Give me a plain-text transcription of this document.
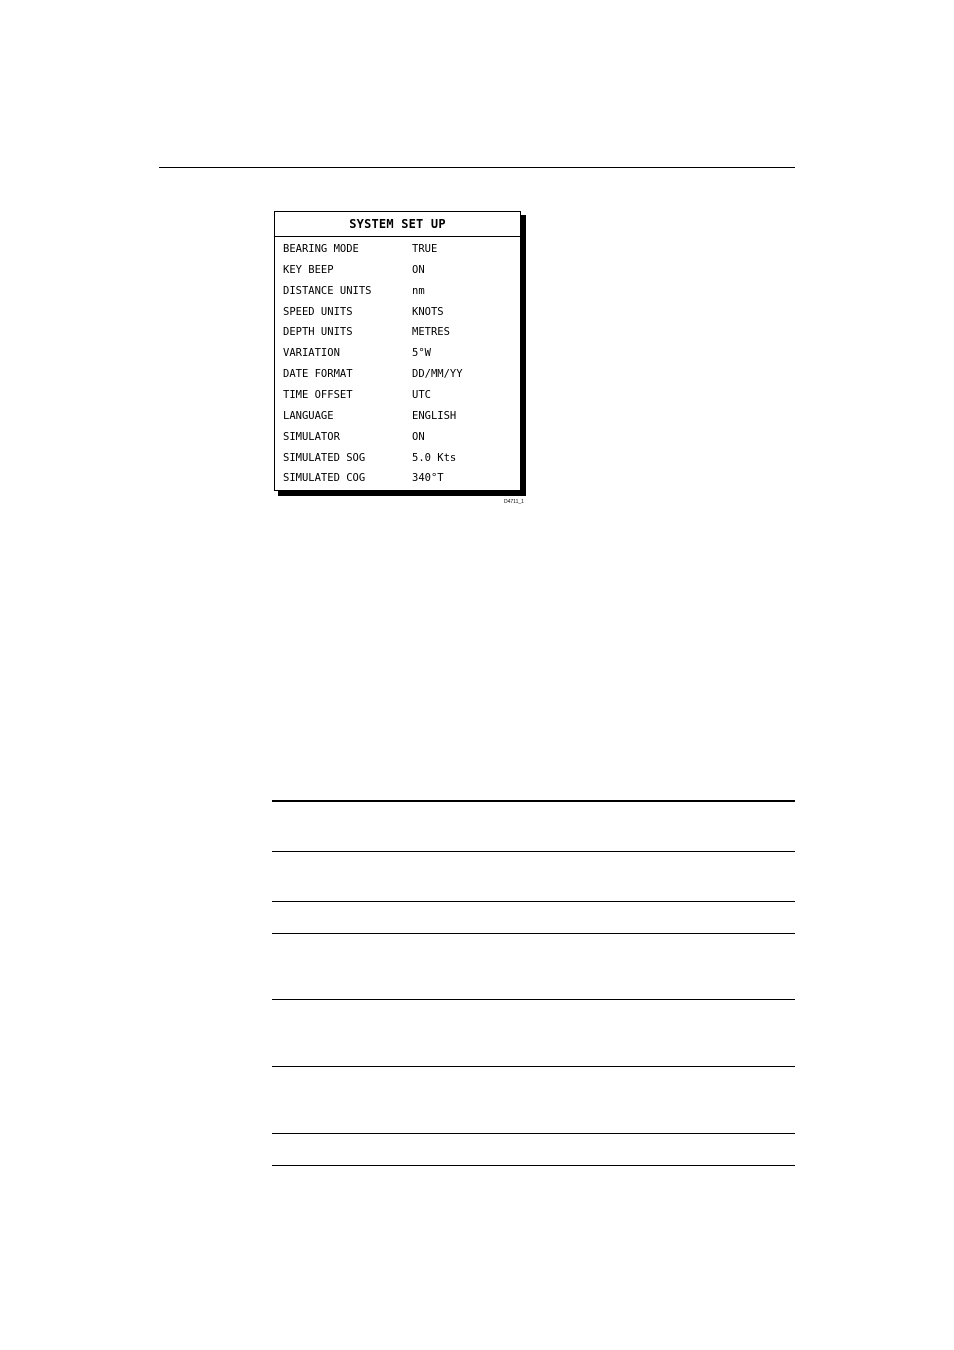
SYSTEM SET UP
BEARING MODE	TRUE
KEY BEEP	ON
DISTANCE UNITS	nm
SPEED UNITS	KNOTS
DEPTH UNITS	METRES
VARIATION	5°W
DATE FORMAT	DD/MM/YY
TIME OFFSET	UTC
LANGUAGE	ENGLISH
SIMULATOR	ON
SIMULATED SOG	5.0 Kts
SIMULATED COG	340°T
D4711_1
